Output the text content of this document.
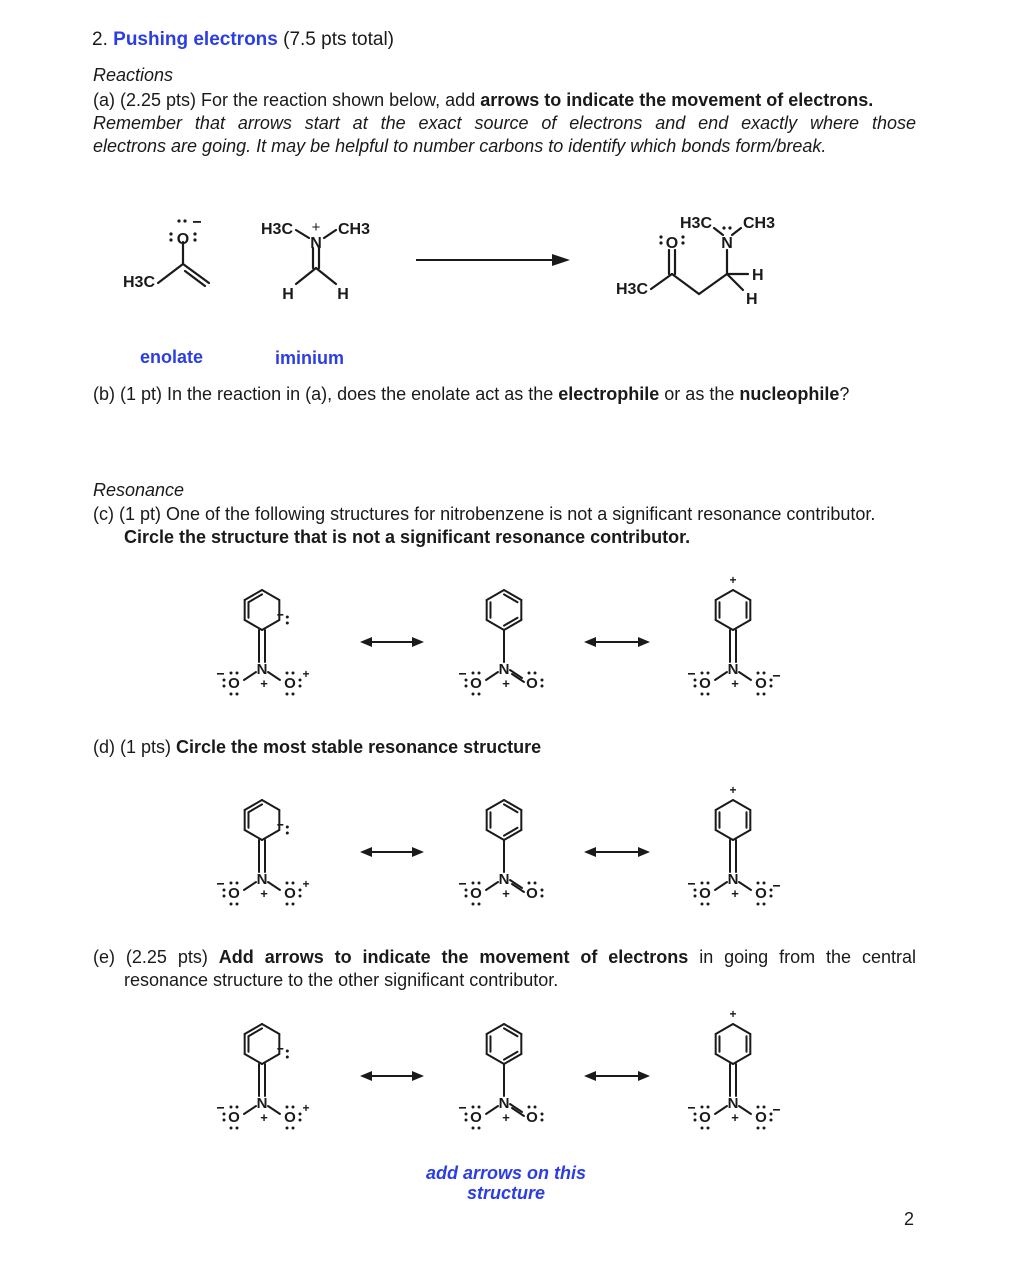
2. Pushing electrons (7.5 pts total)
Reactions
(a) (2.25 pts) For the reaction shown below, add arrows to indicate the movement of electrons.
Remember that arrows start at the exact source of electrons and end exactly where those
electrons are going. It may be helpful to number carbons to identify which bonds form/break.
O
H3C
N
H3C	CH3
H	H
+
O	N
H3C CH3
H3C
H
H
enolate	iminium
(b) (1 pt) In the reaction in (a), does the enolate act as the electrophile or as the nucleophile?
Resonance
(c) (1 pt) One of the following structures for nitrobenzene is not a significant resonance contributor.
Circle the structure that is not a significant resonance contributor.
N
+
O	O
+	N
+
O	O
N
+
O	O
+
(d) (1 pts) Circle the most stable resonance structure
N
+
O	O
+	N
+
O	O
N
+
O	O
+
(e) (2.25 pts) Add arrows to indicate the movement of electrons in going from the central
resonance structure to the other significant contributor.
N
+
O	O
+	N
+
O	O
N
+
O	O
+
add arrows on this
structure
2
